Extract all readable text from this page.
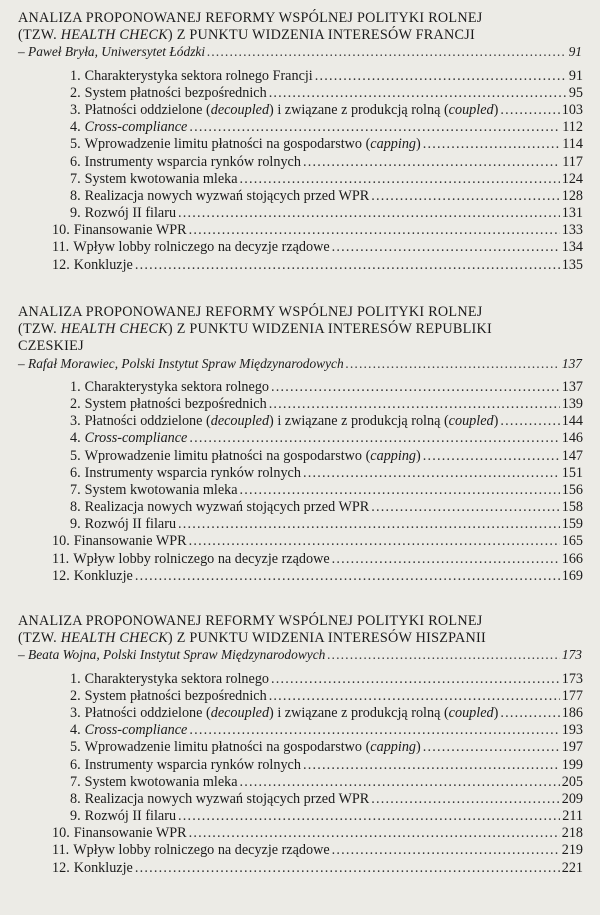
ANALIZA PROPONOWANEJ REFORMY WSPÓLNEJ POLITYKI ROLNEJ
(TZW. HEALTH CHECK) Z PUNKTU WIDZENIA INTERESÓW FRANCJI
– Paweł Bryła, Uniwersytet Łódzki .....	91
1. Charakterystyka sektora rolnego Francji .....	91
2. System płatności bezpośrednich .....	95
3. Płatności oddzielone (decoupled) i związane z produkcją rolną (coupled) .....	103
4. Cross-compliance .....	112
5. Wprowadzenie limitu płatności na gospodarstwo (capping) .....	114
6. Instrumenty wsparcia rynków rolnych .....	117
7. System kwotowania mleka .....	124
8. Realizacja nowych wyzwań stojących przed WPR .....	128
9. Rozwój II filaru .....	131
10. Finansowanie WPR .....	133
11. Wpływ lobby rolniczego na decyzje rządowe .....	134
12. Konkluzje .....	135
ANALIZA PROPONOWANEJ REFORMY WSPÓLNEJ POLITYKI ROLNEJ
(TZW. HEALTH CHECK) Z PUNKTU WIDZENIA INTERESÓW REPUBLIKI
CZESKIEJ
– Rafał Morawiec, Polski Instytut Spraw Międzynarodowych .....	137
1. Charakterystyka sektora rolnego .....	137
2. System płatności bezpośrednich .....	139
3. Płatności oddzielone (decoupled) i związane z produkcją rolną (coupled) .....	144
4. Cross-compliance .....	146
5. Wprowadzenie limitu płatności na gospodarstwo (capping) .....	147
6. Instrumenty wsparcia rynków rolnych .....	151
7. System kwotowania mleka .....	156
8. Realizacja nowych wyzwań stojących przed WPR .....	158
9. Rozwój II filaru .....	159
10. Finansowanie WPR .....	165
11. Wpływ lobby rolniczego na decyzje rządowe .....	166
12. Konkluzje .....	169
ANALIZA PROPONOWANEJ REFORMY WSPÓLNEJ POLITYKI ROLNEJ
(TZW. HEALTH CHECK) Z PUNKTU WIDZENIA INTERESÓW HISZPANII
– Beata Wojna, Polski Instytut Spraw Międzynarodowych .....	173
1. Charakterystyka sektora rolnego .....	173
2. System płatności bezpośrednich .....	177
3. Płatności oddzielone (decoupled) i związane z produkcją rolną (coupled) .....	186
4. Cross-compliance .....	193
5. Wprowadzenie limitu płatności na gospodarstwo (capping) .....	197
6. Instrumenty wsparcia rynków rolnych .....	199
7. System kwotowania mleka .....	205
8. Realizacja nowych wyzwań stojących przed WPR .....	209
9. Rozwój II filaru .....	211
10. Finansowanie WPR .....	218
11. Wpływ lobby rolniczego na decyzje rządowe .....	219
12. Konkluzje .....	221
